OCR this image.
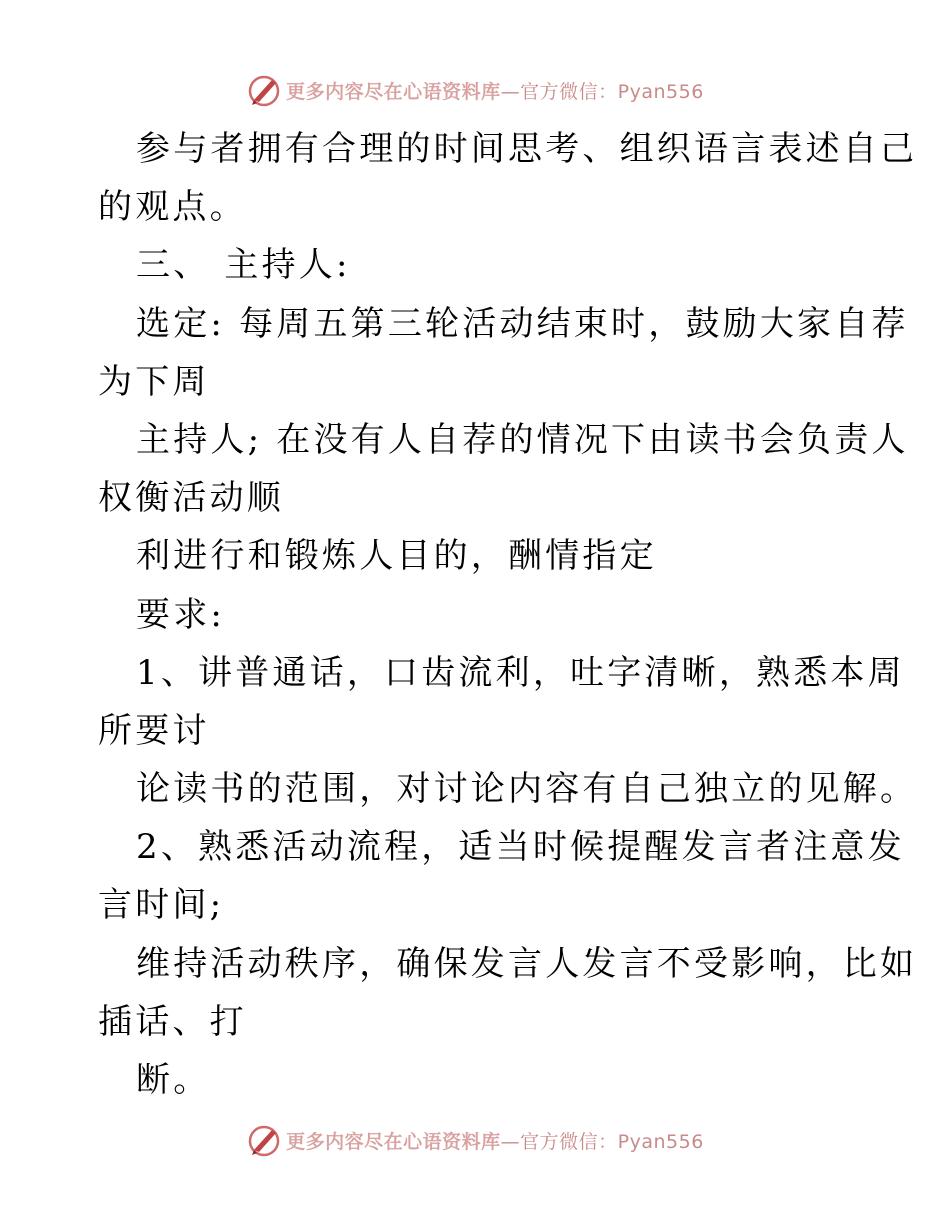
更多内容尽在心语资料库 —官方微信：Pyan556
参与者拥有合理的时间思考、组织语言表述自己
的观点。
三、 主持人:
选定: 每周五第三轮活动结束时，鼓励大家自荐
为下周
主持人; 在没有人自荐的情况下由读书会负责人
权衡活动顺
利进行和锻炼人目的，酬情指定
要求:
1、讲普通话，口齿流利，吐字清晰，熟悉本周
所要讨
论读书的范围，对讨论内容有自己独立的见解。
2、熟悉活动流程，适当时候提醒发言者注意发
言时间;
维持活动秩序，确保发言人发言不受影响，比如
插话、打
断。
更多内容尽在心语资料库 —官方微信：Pyan556
